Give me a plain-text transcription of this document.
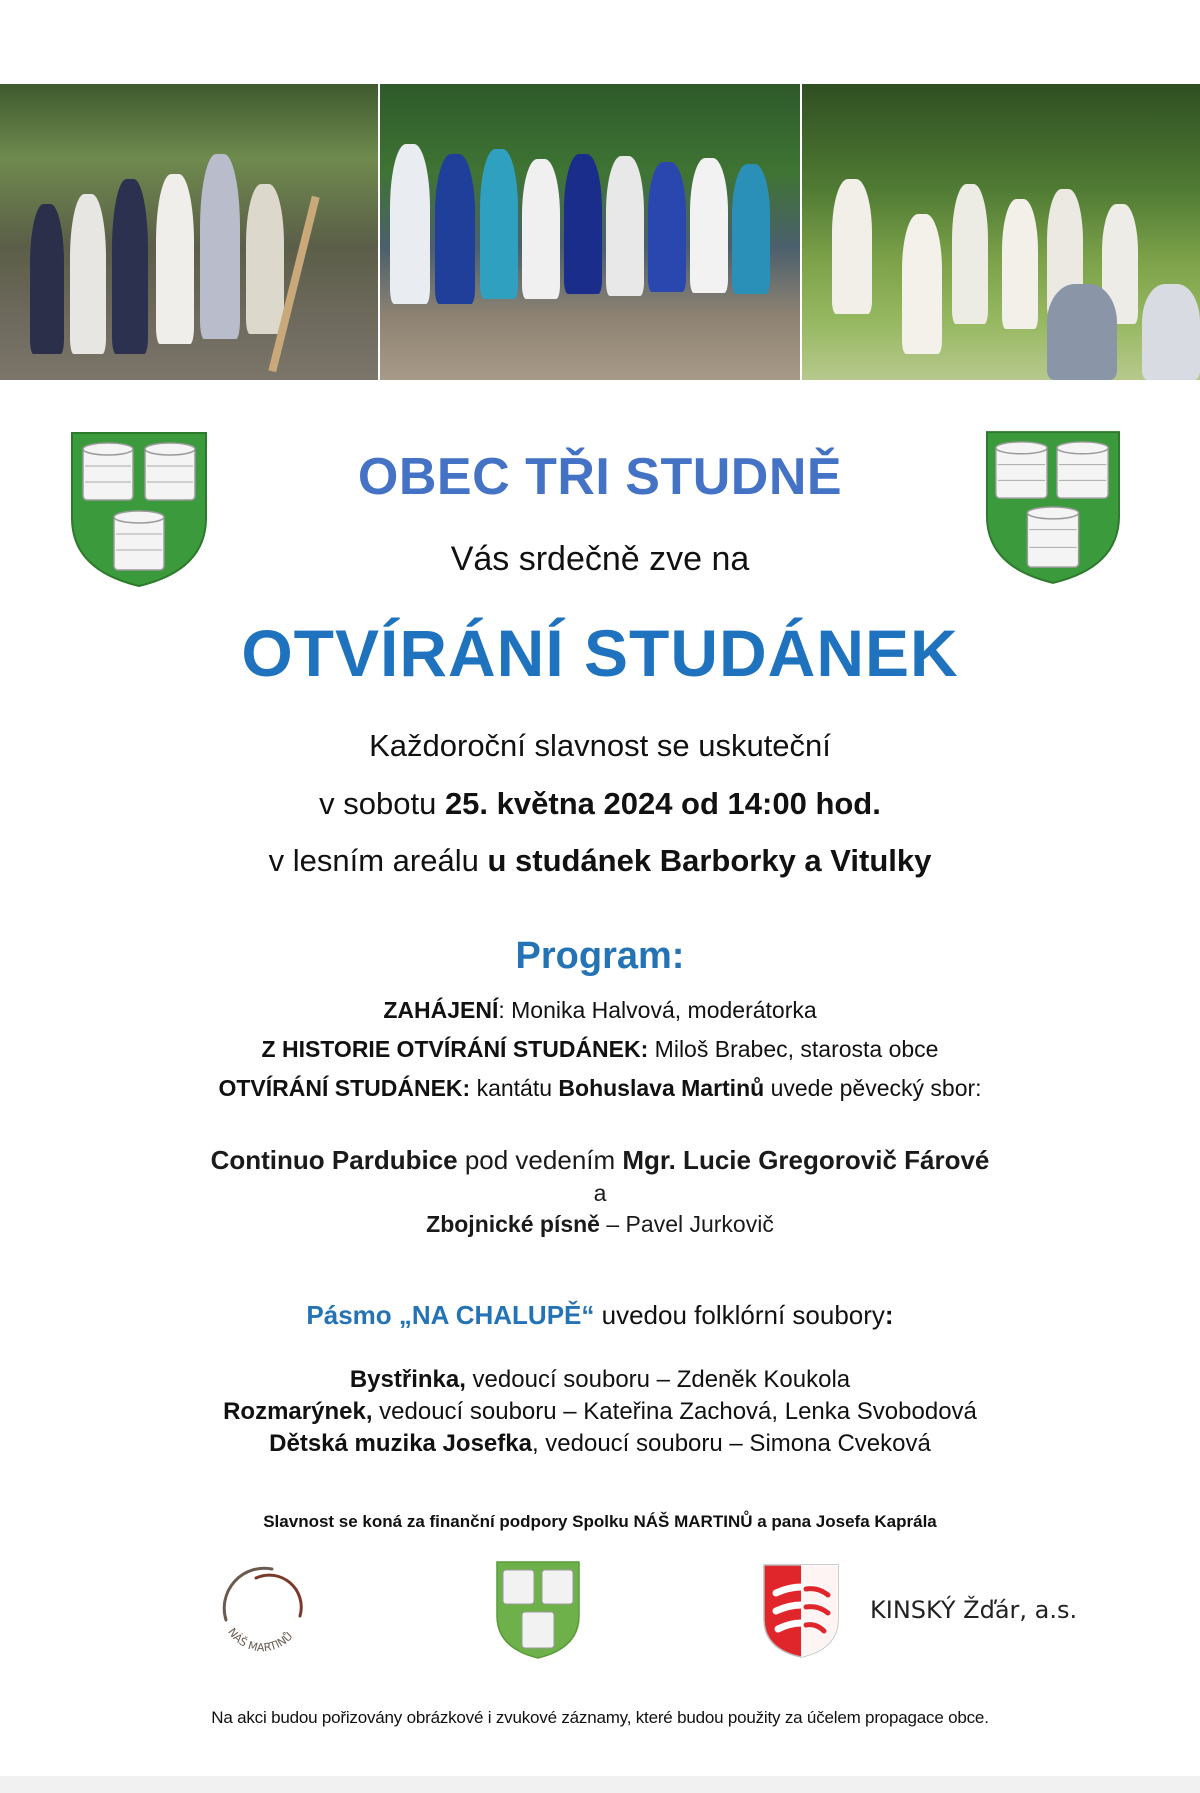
OBEC TŘI STUDNĚ
Vás srdečně zve na
OTVÍRÁNÍ STUDÁNEK
Každoroční slavnost se uskuteční
v sobotu 25. května 2024 od 14:00 hod.
v lesním areálu u studánek Barborky a Vitulky
Program:
ZAHÁJENÍ: Monika Halvová, moderátorka
Z HISTORIE OTVÍRÁNÍ STUDÁNEK: Miloš Brabec, starosta obce
OTVÍRÁNÍ STUDÁNEK: kantátu Bohuslava Martinů uvede pěvecký sbor:
Continuo Pardubice pod vedením Mgr. Lucie Gregorovič Fárové
a
Zbojnické písně – Pavel Jurkovič
Pásmo „NA CHALUPĚ“ uvedou folklórní soubory:
Bystřinka, vedoucí souboru – Zdeněk Koukola
Rozmarýnek, vedoucí souboru – Kateřina Zachová, Lenka Svobodová
Dětská muzika Josefka, vedoucí souboru – Simona Cveková
Slavnost se koná za finanční podpory Spolku NÁŠ MARTINŮ a pana Josefa Kaprála
NÁŠ MARTINŮ
KINSKÝ Žďár, a.s.
Na akci budou pořizovány obrázkové i zvukové záznamy, které budou použity za účelem propagace obce.
